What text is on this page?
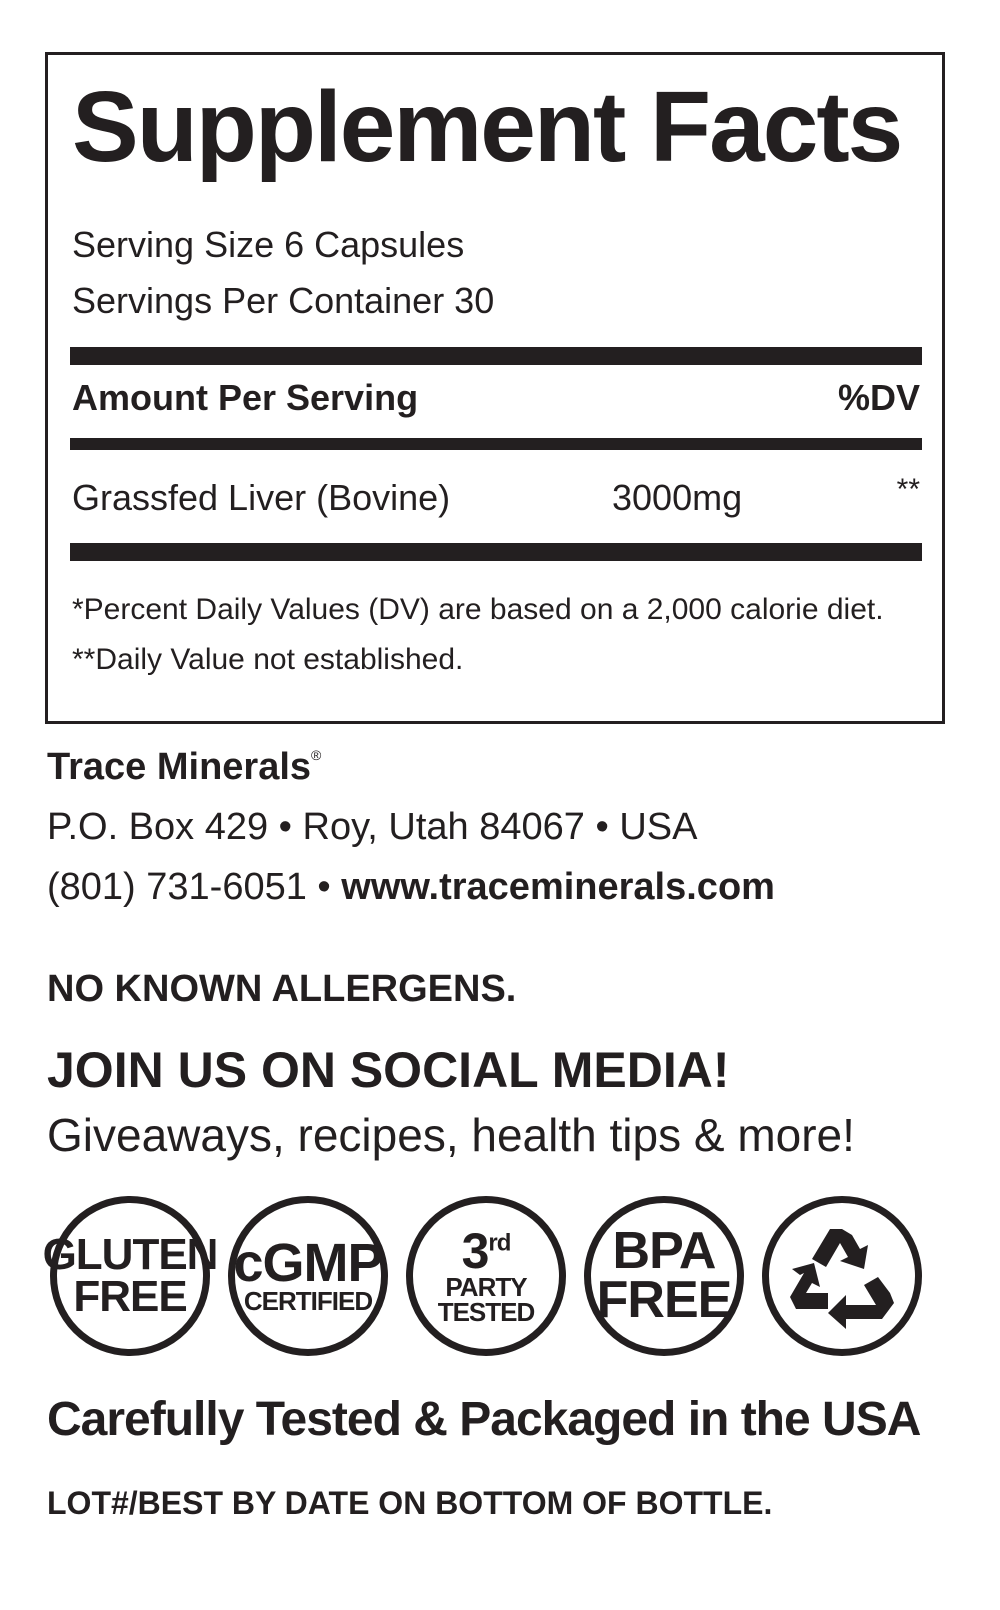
Supplement Facts
Serving Size 6 Capsules
Servings Per Container 30
Amount Per Serving	%DV
Grassfed Liver (Bovine)	3000mg	**
*Percent Daily Values (DV) are based on a 2,000 calorie diet.
**Daily Value not established.
Trace Minerals®
P.O. Box 429 • Roy, Utah 84067 • USA
(801) 731-6051 • www.traceminerals.com
NO KNOWN ALLERGENS.
JOIN US ON SOCIAL MEDIA!
Giveaways, recipes, health tips & more!
GLUTEN
FREE
cGMP
CERTIFIED
3rd
PARTY
TESTED
BPA
FREE
Carefully Tested & Packaged in the USA
LOT#/BEST BY DATE ON BOTTOM OF BOTTLE.
